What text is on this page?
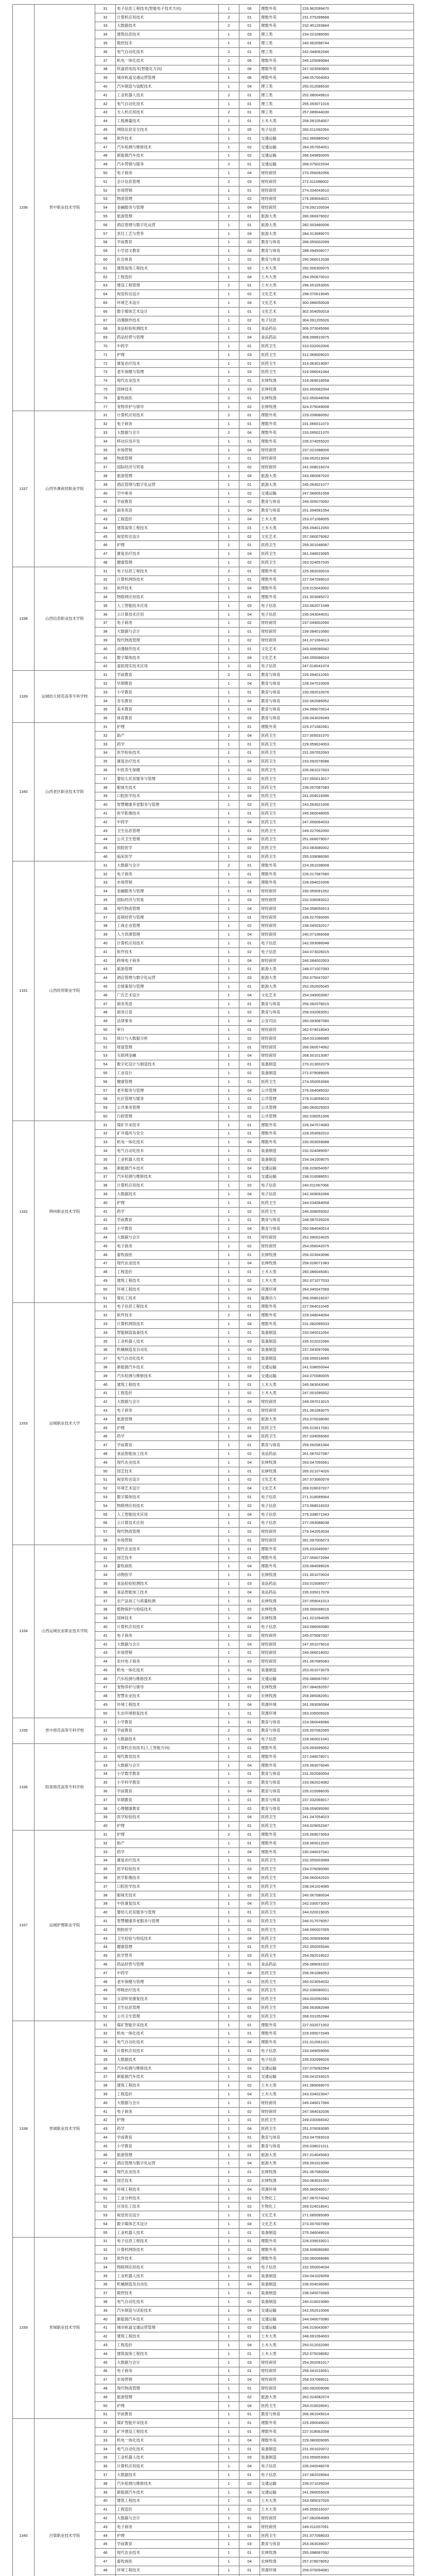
1336	晋中职业技术学院	31	电子信息工程技术(智能电子技术方向)	1	06	理数外英	226.962099470
		32	计算机应用技术	2	01	理数外英	231.075289668
		33	大数据技术	2	01	理数外英	232.451293844
		34	建筑信息技术	1	03	理工类	234.021086090
		35	数控技术	1	01	理工类	240.562098744
		36	电气自动化技术	2	01	理工类	242.048062046
		37	机电一体化技术	2	06	理数外英	245.105089084
		38	铁道供电技术(智能化方向)	1	06	理数外英	247.003590800
		39	城市轨道交通运营管理	1	06	理数外英	248.057004063
		40	汽车制造与装配技术	1	04	理工类	250.012086530
		41	工业机器人技术	2	01	理工类	252.080049910
		42	电气自动化技术	1	01	理工类	255.093071016
		43	无人机应用技术	2	01	理工类	257.089044030
		44	工程测量技术	1	01	土木大类	258.091054007
		45	网络信息安全技术	1	05	电子信息	260.011092054
		46	软件技术	1	01	交通运输	262.066980042
		47	汽车检测与维修技术	1	02	交通运输	264.057054001
		48	新能源汽车技术	1	02	交通运输	266.049890005
		49	汽车营销与服务	2	01	交通运输	268.075022034
		50	电子商务	1	04	财经商贸	270.056092056
		51	会计信息管理	2	03	财经商贸	272.011088002
		52	市场营销	1	01	财经商贸	274.034043010
		53	物流管理	1	02	财经商贸	276.069044021
		54	金融服务与管理	1	04	财经商贸	278.092100034
		55	旅游管理	2	01	旅游大类	280.066978002
		56	酒店管理与数字化运营	1	01	旅游大类	282.003480006
		57	烹饪工艺与营养	1	04	旅游大类	284.013089070
		58	学前教育	1	02	教育与体育	286.055002099
		59	小学语文教育	1	04	教育与体育	288.094506077
		60	社会体育	1	02	教育与体育	290.066012038
		61	建筑装饰工程技术	1	02	土木大类	292.006300075
		62	工程造价	1	04	土木大类	294.050670010
		63	建设工程管理	2	01	土木大类	296.051053005
		64	视觉传达设计	1	02	文化艺术	298.070019045
		65	环境艺术设计	1	04	文化艺术	300.086050028
		66	数字媒体艺术设计	1	01	文化艺术	302.004050018
		67	动漫制作技术	1	02	电子信息	304.091205026
		68	食品检验检测技术	1	01	食品药品	306.073045066
		69	药品经营与管理	1	04	食品药品	308.098910075
		70	中药学	1	01	医药卫生	310.032002006
		71	护理	1	03	医药卫生	312.069009020
		72	康复治疗技术	1	01	医药卫生	314.063014097
		73	老年保健与管理	1	03	医药卫生	316.096041044
		74	现代农业技术	2	01	农林牧渔	318.069018058
		75	园林技术	1	03	农林牧渔	320.050082004
		76	畜牧兽医	2	01	农林牧渔	322.050048058
		77	宠物养护与驯导	1	02	农林牧渔	324.075049008
1337	山西华澳商贸职业学院	31	计算机应用技术	2	01	理数外英	229.039080092
		32	电子商务	1	01	理数外英	231.066011073
		33	大数据与会计	2	04	理数外英	233.095021070
		34	移动应用开发	1	01	理数外英	235.074055020
		35	市场营销	1	04	财经商贸	237.021088006
		36	物流管理	2	01	财经商贸	239.052013004
		37	国际经济与贸易	1	02	财经商贸	241.008016074
		38	旅游管理	1	04	旅游大类	243.080087020
		39	酒店管理与数字化运营	1	01	旅游大类	245.093021077
		40	空中乘务	1	02	交通运输	247.066051058
		41	学前教育	1	02	教育与体育	249.005070092
		42	商务英语	1	04	教育与体育	251.094081054
		43	工程造价	1	04	土木大类	253.071068005
		44	建筑装饰工程技术	1	01	土木大类	255.094012050
		45	视觉传达设计	1	02	文化艺术	257.060076062
		46	护理	1	01	医药卫生	259.001048087
		47	康复治疗技术	1	04	医药卫生	261.048023065
		48	健康管理	1	02	医药卫生	263.024057035
1338	山西信息职业技术学院	31	电子信息工程技术	2	01	理数外英	225.082030016
		32	计算机网络技术	1	01	理数外英	227.047099010
		33	软件技术	1	04	理数外英	229.015043002
		34	物联网应用技术	1	01	理数外英	231.003085072
		35	人工智能技术应用	1	03	电子信息	233.062071048
		36	云计算技术应用	1	04	电子信息	235.043044031
		37	电子商务	1	02	财经商贸	237.049002050
		38	大数据与会计	1	01	财经商贸	239.084010060
		39	现代物流管理	1	02	财经商贸	241.071064013
		40	动漫制作技术	1	01	文化艺术	243.006090042
		41	数字媒体技术	1	04	文化艺术	245.055096024
		42	虚拟现实技术应用	1	01	电子信息	247.018041074
1339	运城幼儿师范高等专科学校	31	学前教育	2	01	教育与体育	226.094011093
		32	早期教育	1	04	教育与体育	228.047010009
		33	小学教育	1	01	教育与体育	230.092010076
		34	音乐教育	1	04	教育与体育	232.062085052
		35	美术教育	1	01	教育与体育	234.095070014
		36	体育教育	1	03	教育与体育	236.043026049
1340	山西老区职业技术学院	31	护理	1	01	理数外英	225.071082061
		32	助产	2	04	医药卫生	227.005031070
		33	药学	1	01	医药卫生	229.059024003
		34	医学检验技术	1	01	医药卫生	231.097052093
		35	康复治疗技术	1	04	医药卫生	233.092078086
		36	中医养生保健	1	01	医药卫生	235.081027003
		37	婴幼儿托育服务与管理	1	02	医药卫生	237.050013017
		38	眼视光技术	1	01	医药卫生	239.057087083
		39	口腔医学技术	1	04	医药卫生	241.004016096
		40	智慧健康养老服务与管理	1	02	医药卫生	243.063021006
		41	医学影像技术	1	01	医药卫生	245.060048005
		42	中药学	1	04	医药卫生	247.056064033
		43	卫生信息管理	1	01	医药卫生	249.027062050
		44	公共卫生管理	1	04	医药卫生	251.066079007
		45	预防医学	1	02	医药卫生	253.083080002
		46	临床医学	1	01	医药卫生	255.039086090
1331	山西经贸职业学院	31	大数据与会计	2	01	理数外英	224.061038008
		32	电子商务	1	01	理数外英	226.017087060
		33	市场营销	1	04	理数外英	228.094022006
		34	金融服务与管理	1	01	财经商贸	230.055091052
		35	国际经济与贸易	1	03	财经商贸	232.036083022
		36	现代物流管理	1	04	财经商贸	234.058050013
		37	连锁经营与管理	1	01	财经商贸	236.027090095
		38	工商企业管理	1	02	财经商贸	238.045032017
		39	人力资源管理	1	04	财经商贸	240.071066068
		40	计算机应用技术	1	01	电子信息	242.093086048
		41	软件技术	1	02	电子信息	244.073026015
		42	跨境电子商务	1	04	财经商贸	246.084002003
		43	旅游管理	1	01	旅游大类	248.071007093
		44	酒店管理与数字化运营	1	03	旅游大类	250.075047007
		45	会展策划与管理	1	01	旅游大类	252.052005045
		46	广告艺术设计	1	04	文化艺术	254.049003087
		47	商务英语	1	01	教育与体育	256.082078015
		48	商务日语	1	02	教育与体育	258.032083051
		49	法律事务	1	04	公安司法	260.093087060
		50	审计	1	01	财经商贸	262.074018043
		51	统计与大数据分析	1	02	财经商贸	264.031086085
		52	财富管理	1	01	财经商贸	266.060074062
		53	互联网金融	1	04	财经商贸	268.001013087
		54	数字化设计与制造技术	1	01	装备制造	270.013002079
		55	工业设计	1	02	装备制造	272.079089005
		56	健康管理	1	01	医药卫生	274.050053066
		57	老年服务与管理	1	04	公共管理	276.064085032
		58	社区管理与服务	1	01	公共管理	278.018059010
		59	公共事务管理	1	03	公共管理	280.060025003
		60	行政管理	1	01	公共管理	282.036051006
1332	朔州职业技术学院	31	煤矿开采技术	1	01	理数外英	226.047074083
		32	矿井通风与安全	1	01	理数外英	228.053092010
		33	机电一体化技术	1	04	理数外英	230.003059088
		34	电气自动化技术	1	01	装备制造	232.024089097
		35	工业机器人技术	1	02	装备制造	234.041009075
		36	新能源汽车技术	1	04	交通运输	236.029054097
		37	汽车检测与维修技术	1	01	交通运输	238.016088051
		38	计算机应用技术	1	02	电子信息	240.011067066
		39	大数据技术	1	04	电子信息	242.009092066
		40	护理	1	01	医药卫生	244.034084058
		41	药学	1	02	医药卫生	246.008055002
		42	学前教育	1	01	教育与体育	248.087035026
		43	小学教育	1	04	教育与体育	250.084040014
		44	大数据与会计	1	01	财经商贸	252.090024025
		45	电子商务	1	02	财经商贸	254.056042075
		46	畜牧兽医	1	01	农林牧渔	256.023043096
		47	现代农业技术	1	04	农林牧渔	258.028071083
		48	工程造价	1	01	土木大类	260.086045081
		49	建筑工程技术	1	02	土木大类	262.071077033
		50	环境工程技术	1	04	资源环境	264.045047069
		51	煤化工技术	1	01	能源动力	266.058016037
1333	运城职业技术大学	31	电子信息工程技术	1	01	理数外英	227.064011049
		32	软件技术	2	01	理数外英	229.048044054
		33	计算机网络技术	1	04	理数外英	231.082095033
		34	智能制造装备技术	1	01	装备制造	233.040011054
		35	工业机器人技术	1	03	装备制造	235.022022066
		36	机械制造及自动化	1	04	装备制造	237.043097096
		37	电气自动化技术	1	01	装备制造	239.055018065
		38	新能源汽车技术	1	02	交通运输	241.038050044
		39	汽车检测与维修技术	1	04	交通运输	243.070080005
		40	建筑工程技术	1	01	土木大类	245.083043040
		41	工程造价	1	02	土木大类	247.001095002
		42	大数据与会计	1	04	财经商贸	249.097013015
		43	电子商务	1	01	财经商贸	251.061083075
		44	旅游管理	1	03	旅游大类	253.070038090
		45	护理	1	01	医药卫生	255.015017091
		46	药学	1	04	医药卫生	257.034066060
		47	学前教育	1	01	教育与体育	259.092081084
		48	食品智能加工技术	1	02	食品药品	261.087027087
		49	现代农业技术	1	04	农林牧渔	263.047055081
		50	园艺技术	1	01	农林牧渔	265.021074026
		51	视觉传达设计	1	02	文化艺术	267.073060078
		52	环境艺术设计	1	04	文化艺术	269.028037027
		53	数字媒体技术	1	01	电子信息	271.018089064
		54	物联网应用技术	1	02	电子信息	273.068016033
		55	人工智能技术应用	1	04	电子信息	275.039071043
		56	云计算技术应用	1	01	电子信息	277.093088038
		57	现代物流管理	1	02	财经商贸	279.042053034
		58	市场营销	1	01	财经商贸	281.097006073
1334	山西运城农业职业技术学院	31	现代农业技术	1	01	理数外英	225.032045097
		32	园艺技术	1	01	理数外英	227.056072094
		33	畜牧兽医	1	04	理数外英	229.084089026
		34	动物医学	1	01	农林牧渔	231.001070024
		35	食品检验检测技术	1	03	食品药品	233.015085077
		36	食品智能加工技术	1	04	食品药品	235.035017078
		37	农产品加工与质量检测	1	01	农林牧渔	237.059041013
		38	植物保护与检疫技术	1	02	农林牧渔	239.066098016
		39	园林技术	1	04	农林牧渔	241.021094035
		40	计算机应用技术	1	01	电子信息	243.086060080
		41	电子商务	1	02	财经商贸	245.075087007
		42	大数据与会计	1	04	财经商贸	247.001079016
		43	市场营销	1	01	财经商贸	249.066018002
		44	农村电子商务	1	03	财经商贸	251.067085083
		45	机电一体化技术	1	01	装备制造	253.001073079
		46	汽车检测与维修技术	1	04	交通运输	255.088067057
		47	宠物养护与驯导	1	01	农林牧渔	257.084092057
		48	智慧农业技术	1	02	农林牧渔	259.085082051
		49	环境工程技术	1	04	资源环境	261.093090084
		50	生态环境修复技术	1	01	资源环境	263.035005026
1335	晋中师范高等专科学校	31	小学教育	1	01	教育与体育	224.060049086
		32	学前教育	2	01	教育与体育	226.007082065
		33	大数据技术	1	04	电子信息	228.060021041
1336	阳泉师范高等专科学校	31	计算机应用技术(人工智能方向)	1	01	理数外英	225.093099052
		32	现代教育技术	1	01	理数外英	227.048078071
		33	大数据与会计	1	04	理数外英	229.063076046
		34	小学数学教育	1	01	教育与体育	231.002060054
		35	小学科学教育	1	03	教育与体育	233.082024082
		36	学前教育	1	04	教育与体育	235.010086035
		37	早期教育	1	01	教育与体育	237.032069017
		38	心理健康教育	1	02	教育与体育	239.059095090
		39	医学检验技术	1	04	医药卫生	241.047054023
		40	护理	1	01	医药卫生	243.029052047
1337	运城护理职业学院	31	护理	2	01	理数外英	226.069073063
		32	助产	1	01	理数外英	228.065012020
		33	药学	1	04	理数外英	230.046037041
		34	康复治疗技术	1	01	医药卫生	232.055003089
		35	医学检验技术	1	03	医药卫生	234.076090090
		36	医学影像技术	1	04	医药卫生	236.060042020
		37	口腔医学技术	1	01	医药卫生	238.041024085
		38	眼视光技术	1	02	医药卫生	240.067080034
		39	中医康复技术	1	04	医药卫生	242.030073053
		40	婴幼儿托育服务与管理	1	01	医药卫生	244.020019035
		41	智慧健康养老服务与管理	1	02	医药卫生	246.017076057
		42	预防医学	1	01	医药卫生	248.090007055
		43	卫生检验与检疫技术	1	04	医药卫生	250.009069068
		44	健康管理	1	01	医药卫生	252.050055046
		45	医学营养	1	03	医药卫生	254.092018022
		46	药品经营与管理	1	01	食品药品	256.089091022
		47	中药学	1	04	医药卫生	258.061086053
		48	老年保健与管理	1	01	医药卫生	260.023054032
		49	呼吸治疗技术	1	02	医药卫生	262.036080021
		50	言语听觉康复技术	1	04	医药卫生	264.002092081
		51	卫生信息管理	1	01	医药卫生	266.063082048
		52	公共卫生管理	1	02	医药卫生	268.031052084
1338	晋城职业技术学院	31	煤矿智能开采技术	1	01	理数外英	227.032071002
		32	机电一体化技术	1	01	理数外英	229.095072049
		33	电气自动化技术	1	04	理数外英	231.012061021
		34	计算机应用技术	1	01	电子信息	233.049059056
		35	大数据技术	1	03	电子信息	235.032096026
		36	汽车检测与维修技术	1	04	交通运输	237.075082064
		37	新能源汽车技术	1	01	交通运输	239.041033015
		38	建筑工程技术	1	02	土木大类	241.089069070
		39	工程造价	1	04	土木大类	243.034023047
		40	大数据与会计	1	01	财经商贸	245.046017066
		41	电子商务	1	02	财经商贸	247.064032036
		42	护理	1	01	医药卫生	249.030066042
		43	药学	1	04	医药卫生	251.076093095
		44	学前教育	1	01	教育与体育	253.047093018
		45	小学教育	1	03	教育与体育	255.038021011
		46	旅游管理	1	01	旅游大类	257.014045063
		47	酒店管理与数字化运营	1	04	旅游大类	259.091023090
		48	现代农业技术	1	01	农林牧渔	261.067080054
		49	园艺技术	1	02	农林牧渔	263.083031055
		50	环境工程技术	1	04	资源环境	265.060040017
		51	工业分析技术	1	01	生物化工	267.087074042
		52	应用化工技术	1	02	生物化工	269.024018041
		53	视觉传达设计	1	01	文化艺术	271.085085089
		54	数字媒体艺术设计	1	04	文化艺术	273.007007069
		55	工业机器人技术	1	01	装备制造	275.046049016
1339	晋城职业技术学院	31	电子信息工程技术	1	01	理数外英	226.039033021
		32	计算机网络技术	1	01	理数外英	228.008086080
		33	软件技术	1	04	理数外英	230.066068086
		34	物联网应用技术	1	01	电子信息	232.050004034
		35	工业机器人技术	1	03	装备制造	234.041026058
		36	机械制造及自动化	1	04	装备制造	236.004036060
		37	数控技术	1	01	装备制造	238.045070069
		38	电气自动化技术	1	02	装备制造	240.016023080
		39	汽车制造与试验技术	1	04	交通运输	242.052010006
		40	新能源汽车技术	1	01	交通运输	244.046070080
		41	城市轨道交通运营管理	1	02	交通运输	246.019043087
		42	建筑工程技术	1	01	土木大类	248.091094003
		43	工程造价	1	04	土木大类	250.012032090
		44	建筑装饰工程技术	1	01	土木大类	252.075038082
		45	大数据与会计	1	03	财经商贸	254.002091017
		46	电子商务	1	01	财经商贸	256.041016051
		47	市场营销	1	04	财经商贸	258.037089011
		48	现代物流管理	1	01	财经商贸	260.092009096
		49	旅游管理	1	02	旅游大类	262.024082074
		50	护理	1	04	医药卫生	264.016028041
		51	学前教育	1	01	教育与体育	266.061045014
1340	吕梁职业技术学院	31	煤矿智能开采技术	1	01	理数外英	225.090049020
		32	矿井建设工程技术	1	01	理数外英	227.018062058
		33	机电一体化技术	1	04	理数外英	229.080009095
		34	电气自动化技术	1	01	装备制造	231.001020072
		35	工业机器人技术	1	03	装备制造	233.055053063
		36	计算机应用技术	1	04	电子信息	235.040046078
		37	大数据技术	1	01	电子信息	237.082039064
		38	汽车检测与维修技术	1	02	交通运输	239.071035034
		39	新能源汽车技术	1	04	交通运输	241.066055028
		40	建筑工程技术	1	01	土木大类	243.085037026
		41	工程造价	1	02	土木大类	245.055016037
		42	大数据与会计	1	01	财经商贸	247.082064089
		43	电子商务	1	04	财经商贸	249.011057091
		44	护理	1	01	医药卫生	251.077068033
		45	学前教育	1	03	教育与体育	253.063039037
		46	现代农业技术	1	01	农林牧渔	255.098067092
		47	畜牧兽医	1	04	农林牧渔	257.078078052
		48	环境工程技术	1	01	资源环境	259.070094081
